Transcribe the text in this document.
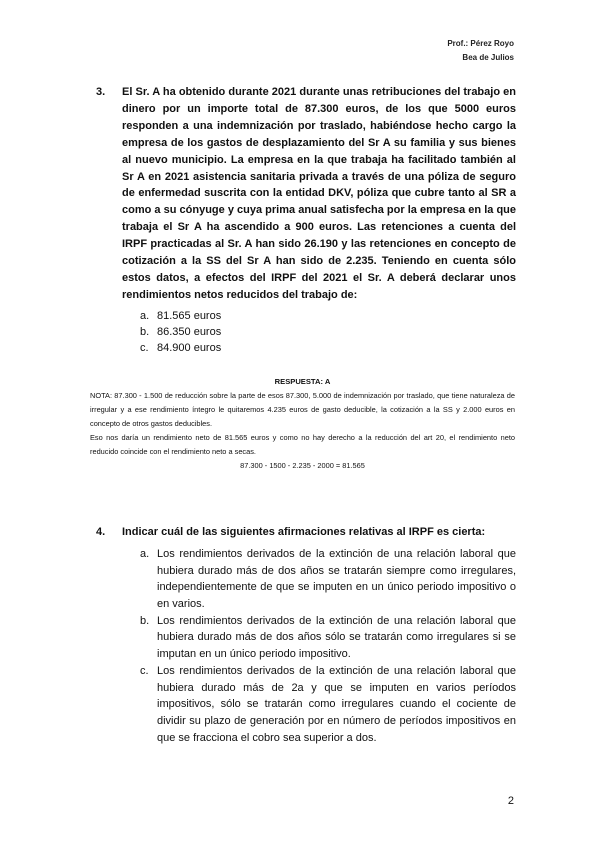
Prof.: Pérez Royo
Bea de Julios
3.	El Sr. A ha obtenido durante 2021 durante unas retribuciones del trabajo en dinero por un importe total de 87.300 euros, de los que 5000 euros responden a una indemnización por traslado, habiéndose hecho cargo la empresa de los gastos de desplazamiento del Sr A su familia y sus bienes al nuevo municipio. La empresa en la que trabaja ha facilitado también al Sr A en 2021 asistencia sanitaria privada a través de una póliza de seguro de enfermedad suscrita con la entidad DKV, póliza que cubre tanto al SR a como a su cónyuge y cuya prima anual satisfecha por la empresa en la que trabaja el Sr A ha ascendido a 900 euros. Las retenciones a cuenta del IRPF practicadas al Sr. A han sido 26.190 y las retenciones en concepto de cotización a la SS del Sr A han sido de 2.235. Teniendo en cuenta sólo estos datos, a efectos del IRPF del 2021 el Sr. A deberá declarar unos rendimientos netos reducidos del trabajo de:
a. 81.565 euros
b. 86.350 euros
c. 84.900 euros
RESPUESTA: A

NOTA: 87.300 - 1.500 de reducción sobre la parte de esos 87.300, 5.000 de indemnización por traslado, que tiene naturaleza de irregular y a ese rendimiento íntegro le quitaremos 4.235 euros de gasto deducible, la cotización a la SS y 2.000 euros en concepto de otros gastos deducibles.

Eso nos daría un rendimiento neto de 81.565 euros y como no hay derecho a la reducción del art 20, el rendimiento neto reducido coincide con el rendimiento neto a secas.

87.300 - 1500 - 2.235 - 2000 = 81.565

4.	Indicar cuál de las siguientes afirmaciones relativas al IRPF es cierta:
a. Los rendimientos derivados de la extinción de una relación laboral que hubiera durado más de dos años se tratarán siempre como irregulares, independientemente de que se imputen en un único periodo impositivo o en varios.
b. Los rendimientos derivados de la extinción de una relación laboral que hubiera durado más de dos años sólo se tratarán como irregulares si se imputan en un único periodo impositivo.
c. Los rendimientos derivados de la extinción de una relación laboral que hubiera durado más de 2a y que se imputen en varios períodos impositivos, sólo se tratarán como irregulares cuando el cociente de dividir su plazo de generación por en número de períodos impositivos en que se fracciona el cobro sea superior a dos.
2
